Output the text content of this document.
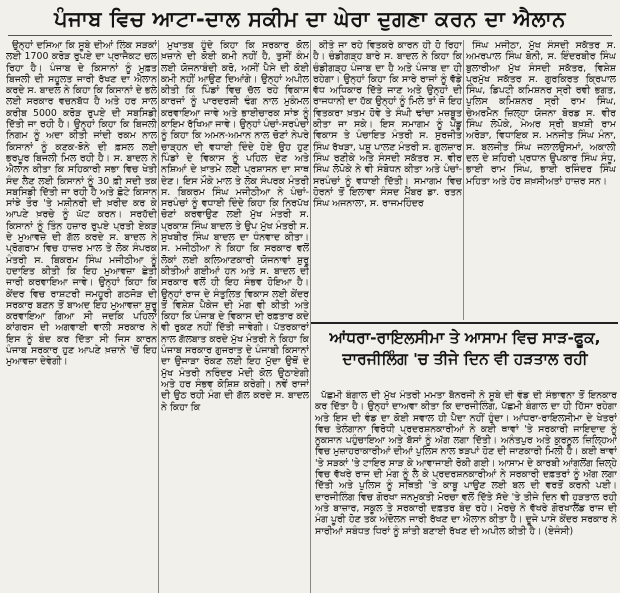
ਪੰਜਾਬ ਵਿਚ ਆਟਾ-ਦਾਲ ਸਕੀਮ ਦਾ ਘੇਰਾ ਦੁਗਣਾ ਕਰਨ ਦਾ ਐਲਾਨ

ਉਨ੍ਹਾਂ ਦਸਿਆ ਕਿ ਸੂਬੇ ਦੀਆਂ ਲਿੰਕ ਸੜਕਾਂ ਲਈ 1700 ਕਰੋੜ ਰੁਪਏ ਦਾ ਪ੍ਰਾਜੈਕਟ ਚਲ ਰਿਹਾ ਹੈ। ਪੰਜਾਬ ਦੇ ਕਿਸਾਨਾਂ ਨੂੰ ਮੁਫ਼ਤ ਬਿਜਲੀ ਦੀ ਸਹੂਲਤ ਜਾਰੀ ਰੱਖਣ ਦਾ ਐਲਾਨ ਕਰਦੇ ਸ. ਬਾਦਲ ਨੇ ਕਿਹਾ ਕਿ ਕਿਸਾਨਾਂ ਦੇ ਭਲੇ ਲਈ ਸਰਕਾਰ ਵਚਨਬੱਧ ਹੈ ਅਤੇ ਹਰ ਸਾਲ ਕਰੀਬ 5000 ਕਰੋੜ ਰੁਪਏ ਦੀ ਸਬਸਿਡੀ ਦਿੱਤੀ ਜਾ ਰਹੀ ਹੈ। ਉਨ੍ਹਾਂ ਕਿਹਾ ਕਿ ਬਿਜਲੀ ਨਿਗਮ ਨੂੰ ਅਦਾ ਕੀਤੀ ਜਾਂਦੀ ਰਕਮ ਨਾਲ ਕਿਸਾਨਾਂ ਨੂੰ ਕਣਕ-ਝੋਨੇ ਦੀ ਫ਼ਸਲ ਲਈ ਭਰਪੂਰ ਬਿਜਲੀ ਮਿਲ ਰਹੀ ਹੈ। ਸ. ਬਾਦਲ ਨੇ ਐਲਾਨ ਕੀਤਾ ਕਿ ਸਹਿਕਾਰੀ ਸਭਾ ਵਿਚ ਖੇਤੀ ਸੰਦ ਲੈਣ ਲਈ ਕਿਸਾਨਾਂ ਨੂੰ 30 ਫ਼ੀ ਸਦੀ ਤਕ ਸਬਸਿਡੀ ਦਿੱਤੀ ਜਾ ਰਹੀ ਹੈ ਅਤੇ ਛੋਟੇ ਕਿਸਾਨ ਸਾਂਝੇ ਤੌਰ 'ਤੇ ਮਸ਼ੀਨਰੀ ਦੀ ਖ਼ਰੀਦ ਕਰ ਕੇ ਆਪਣੇ ਖ਼ਰਚੇ ਨੂੰ ਘੱਟ ਕਰਨ। ਸਰਹੱਦੀ ਕਿਸਾਨਾਂ ਨੂੰ ਤਿੰਨ ਹਜ਼ਾਰ ਰੁਪਏ ਪ੍ਰਤੀ ਏਕੜ ਦੇ ਮੁਆਵਜ਼ੇ ਦੀ ਗੱਲ ਕਰਦੇ ਸ. ਬਾਦਲ ਨੇ ਪ੍ਰੋਗਰਾਮ ਵਿਚ ਹਾਜ਼ਰ ਮਾਲ ਤੇ ਲੋਕ ਸੰਪਰਕ ਮੰਤਰੀ ਸ. ਬਿਕਰਮ ਸਿੰਘ ਮਜੀਠੀਆ ਨੂੰ ਹਦਾਇਤ ਕੀਤੀ ਕਿ ਇਹ ਮੁਆਵਜ਼ਾ ਛੇਤੀ ਜਾਰੀ ਕਰਵਾਇਆ ਜਾਵੇ। ਉਨ੍ਹਾਂ ਕਿਹਾ ਕਿ ਕੇਂਦਰ ਵਿਚ ਰਾਸ਼ਟਰੀ ਜਮਹੂਰੀ ਗਠਜੋੜ ਦੀ ਸਰਕਾਰ ਬਣਨ ਤੋਂ ਬਾਅਦ ਇਹ ਮੁਆਵਜ਼ਾ ਸ਼ੁਰੂ ਕਰਵਾਇਆ ਗਿਆ ਸੀ ਜਦਕਿ ਪਹਿਲਾਂ ਕਾਂਗਰਸ ਦੀ ਅਗਵਾਈ ਵਾਲੀ ਸਰਕਾਰ ਨੇ ਇਸ ਨੂੰ ਬੰਦ ਕਰ ਦਿੱਤਾ ਸੀ ਜਿਸ ਕਾਰਨ ਪੰਜਾਬ ਸਰਕਾਰ ਹੁਣ ਆਪਣੇ ਖ਼ਜ਼ਾਨੇ 'ਚੋਂ ਇਹ ਮੁਆਵਜ਼ਾ ਦੇਵੇਗੀ।

ਮੁਖਾਤਬ ਹੁੰਦੇ ਕਿਹਾ ਕਿ ਸਰਕਾਰ ਕੋਲ ਖ਼ਜ਼ਾਨੇ ਦੀ ਕੋਈ ਕਮੀ ਨਹੀਂ ਹੈ, ਤੁਸੀਂ ਕੰਮ ਲਈ ਯੋਜਨਾਬੰਦੀ ਕਰੋ, ਅਸੀਂ ਪੈਸੇ ਦੀ ਕੋਈ ਕਮੀ ਨਹੀਂ ਆਉਣ ਦਿਆਂਗੇ। ਉਨ੍ਹਾਂ ਅਪੀਲ ਕੀਤੀ ਕਿ ਪਿੰਡਾਂ ਵਿਚ ਚੱਲ ਰਹੇ ਵਿਕਾਸ ਕਾਰਜਾਂ ਨੂੰ ਪਾਰਦਰਸ਼ੀ ਢੰਗ ਨਾਲ ਮੁਕੰਮਲ ਕਰਵਾਇਆ ਜਾਵੇ ਅਤੇ ਭਾਈਚਾਰਕ ਸਾਂਝ ਨੂੰ ਕਾਇਮ ਰੱਖਿਆ ਜਾਵੇ। ਉਨ੍ਹਾਂ ਪੰਚਾਂ-ਸਰਪੰਚਾਂ ਨੂੰ ਕਿਹਾ ਕਿ ਅਮਨ-ਅਮਾਨ ਨਾਲ ਚੋਣਾਂ ਨੇਪਰੇ ਚਾੜ੍ਹਨ ਦੀ ਵਧਾਈ ਦਿੰਦੇ ਹੋਏ ਉਹ ਹੁਣ ਪਿੰਡਾਂ ਦੇ ਵਿਕਾਸ ਨੂੰ ਪਹਿਲ ਦੇਣ ਅਤੇ ਨਸ਼ਿਆਂ ਦੇ ਖ਼ਾਤਮੇ ਲਈ ਪ੍ਰਸ਼ਾਸਨ ਦਾ ਸਾਥ ਦੇਣ। ਇਸ ਮੌਕੇ ਮਾਲ ਤੇ ਲੋਕ ਸੰਪਰਕ ਮੰਤਰੀ ਸ. ਬਿਕਰਮ ਸਿੰਘ ਮਜੀਠੀਆ ਨੇ ਪੰਚਾਂ-ਸਰਪੰਚਾਂ ਨੂੰ ਵਧਾਈ ਦਿੰਦੇ ਕਿਹਾ ਕਿ ਨਿਰਪੱਖ ਚੋਣਾਂ ਕਰਵਾਉਣ ਲਈ ਮੁੱਖ ਮੰਤਰੀ ਸ. ਪ੍ਰਕਾਸ਼ ਸਿੰਘ ਬਾਦਲ ਤੇ ਉਪ ਮੁੱਖ ਮੰਤਰੀ ਸ. ਸੁਖਬੀਰ ਸਿੰਘ ਬਾਦਲ ਦਾ ਧੰਨਵਾਦ ਕੀਤਾ। ਸ. ਮਜੀਠੀਆ ਨੇ ਕਿਹਾ ਕਿ ਸਰਕਾਰ ਵਲੋਂ ਲੋਕਾਂ ਲਈ ਕਲਿਆਣਕਾਰੀ ਯੋਜਨਾਵਾਂ ਸ਼ੁਰੂ ਕੀਤੀਆਂ ਗਈਆਂ ਹਨ ਅਤੇ ਸ. ਬਾਦਲ ਦੀ ਸਰਕਾਰ ਵਲੋਂ ਹੀ ਇਹ ਸੰਭਵ ਹੋਇਆ ਹੈ। ਉਨ੍ਹਾਂ ਰਾਜ ਦੇ ਸੰਤੁਲਿਤ ਵਿਕਾਸ ਲਈ ਕੇਂਦਰ ਤੋਂ ਵਿਸ਼ੇਸ਼ ਪੈਕੇਜ ਦੀ ਮੰਗ ਵੀ ਕੀਤੀ ਅਤੇ ਕਿਹਾ ਕਿ ਪੰਜਾਬ ਦੇ ਵਿਕਾਸ ਦੀ ਰਫ਼ਤਾਰ ਕਦੇ ਵੀ ਰੁਕਣ ਨਹੀਂ ਦਿੱਤੀ ਜਾਵੇਗੀ। ਪੱਤਰਕਾਰਾਂ ਨਾਲ ਗੱਲਬਾਤ ਕਰਦੇ ਮੁੱਖ ਮੰਤਰੀ ਨੇ ਕਿਹਾ ਕਿ ਪੰਜਾਬ ਸਰਕਾਰ ਗੁਜਰਾਤ ਦੇ ਪੰਜਾਬੀ ਕਿਸਾਨਾਂ ਦਾ ਉਜਾੜਾ ਰੋਕਣ ਲਈ ਇਹ ਮੁੱਦਾ ਉਥੋਂ ਦੇ ਮੁੱਖ ਮੰਤਰੀ ਨਰਿੰਦਰ ਮੋਦੀ ਕੋਲ ਉਠਾਏਗੀ ਅਤੇ ਹਰ ਸੰਭਵ ਕੋਸ਼ਿਸ਼ ਕਰੇਗੀ। ਨਵੇਂ ਰਾਜਾਂ ਦੀ ਉਠ ਰਹੀ ਮੰਗ ਦੀ ਗੱਲ ਕਰਦੇ ਸ. ਬਾਦਲ ਨੇ ਕਿਹਾ ਕਿ

ਕੀਤੇ ਜਾ ਰਹੇ ਵਿਤਕਰੇ ਕਾਰਨ ਹੀ ਹੋ ਰਿਹਾ ਹੈ। ਚੰਡੀਗੜ੍ਹ ਬਾਰੇ ਸ. ਬਾਦਲ ਨੇ ਕਿਹਾ ਕਿ ਚੰਡੀਗੜ੍ਹ ਪੰਜਾਬ ਦਾ ਹੈ ਅਤੇ ਪੰਜਾਬ ਦਾ ਹੀ ਰਹੇਗਾ। ਉਨ੍ਹਾਂ ਕਿਹਾ ਕਿ ਸਾਰੇ ਰਾਜਾਂ ਨੂੰ ਵੱਡੇ ਵੱਧ ਅਧਿਕਾਰ ਦਿੱਤੇ ਜਾਣ ਅਤੇ ਉਨ੍ਹਾਂ ਦੀ ਰਾਜਧਾਨੀ ਦਾ ਹੱਕ ਉਨ੍ਹਾਂ ਨੂੰ ਮਿਲੇ ਤਾਂ ਜੋ ਇਹ ਵਿਤਕਰਾ ਖ਼ਤਮ ਹੋਵੇ ਤੇ ਸੰਘੀ ਢਾਂਚਾ ਮਜ਼ਬੂਤ ਕੀਤਾ ਜਾ ਸਕੇ। ਇਸ ਸਮਾਗਮ ਨੂੰ ਪੇਂਡੂ ਵਿਕਾਸ ਤੇ ਪੰਚਾਇਤ ਮੰਤਰੀ ਸ. ਸੁਰਜੀਤ ਸਿੰਘ ਰੱਖੜਾ, ਪਸ਼ੂ ਪਾਲਣ ਮੰਤਰੀ ਸ. ਗੁਲਜ਼ਾਰ ਸਿੰਘ ਰਣੀਕੇ ਅਤੇ ਸੰਸਦੀ ਸਕੱਤਰ ਸ. ਵੀਰ ਸਿੰਘ ਲੋਪੋਕੇ ਨੇ ਵੀ ਸੰਬੋਧਨ ਕੀਤਾ ਅਤੇ ਪੰਚਾਂ-ਸਰਪੰਚਾਂ ਨੂੰ ਵਧਾਈ ਦਿੱਤੀ। ਸਮਾਗਮ ਵਿਚ ਹੋਰਨਾਂ ਤੋਂ ਇਲਾਵਾ ਸੰਸਦ ਮੈਂਬਰ ਡਾ. ਰਤਨ ਸਿੰਘ ਅਜਨਾਲਾ, ਸ. ਰਾਜਮਹਿੰਦਰ

ਸਿੰਘ ਮਜੀਠਾ, ਮੁੱਖ ਸੰਸਦੀ ਸਕੱਤਰ ਸ. ਅਮਰਪਾਲ ਸਿੰਘ ਬੋਨੀ, ਸ. ਇੰਦਰਬੀਰ ਸਿੰਘ ਬੁਲਾਰੀਆ ਮੁੱਖ ਸੰਸਦੀ ਸਕੱਤਰ, ਵਿਸ਼ੇਸ਼ ਪ੍ਰਮੁੱਖ ਸਕੱਤਰ ਸ. ਗੁਰਕਿਰਤ ਕ੍ਰਿਪਾਲ ਸਿੰਘ, ਡਿਪਟੀ ਕਮਿਸ਼ਨਰ ਸ੍ਰੀ ਰਵੀ ਭਗਤ, ਪੁਲਿਸ ਕਮਿਸ਼ਨਰ ਸ੍ਰੀ ਰਾਮ ਸਿੰਘ, ਚੇਅਰਮੈਨ ਜ਼ਿਲ੍ਹਾ ਯੋਜਨਾ ਬੋਰਡ ਸ. ਵੀਰ ਸਿੰਘ ਲੋਪੋਕੇ, ਮੇਅਰ ਸ੍ਰੀ ਬਖ਼ਸ਼ੀ ਰਾਮ ਅਰੋੜਾ, ਵਿਧਾਇਕ ਸ. ਮਨਜੀਤ ਸਿੰਘ ਮੰਨਾ, ਸ. ਬਲਜੀਤ ਸਿੰਘ ਜਲਾਲਉਸਮਾਂ, ਅਕਾਲੀ ਦਲ ਦੇ ਸ਼ਹਿਰੀ ਪ੍ਰਧਾਨ ਉਪਕਾਰ ਸਿੰਘ ਸੰਧੂ, ਭਾਈ ਰਾਮ ਸਿੰਘ, ਭਾਈ ਰਜਿੰਦਰ ਸਿੰਘ ਮਹਿਤਾ ਅਤੇ ਹੋਰ ਸ਼ਖ਼ਸੀਅਤਾਂ ਹਾਜ਼ਰ ਸਨ।

ਆਂਧਰਾ-ਰਾਇਲਸੀਮਾ ਤੇ ਆਸਾਮ ਵਿਚ ਸਾੜ-ਫੂਕ,
ਦਾਰਜੀਲਿੰਗ 'ਚ ਤੀਜੇ ਦਿਨ ਵੀ ਹੜਤਾਲ ਰਹੀ

ਪੱਛਮੀ ਬੰਗਾਲ ਦੀ ਮੁੱਖ ਮੰਤਰੀ ਮਮਤਾ ਬੈਨਰਜੀ ਨੇ ਸੂਬੇ ਦੀ ਵੰਡ ਦੀ ਸੰਭਾਵਨਾ ਤੋਂ ਇਨਕਾਰ ਕਰ ਦਿੱਤਾ ਹੈ। ਉਨ੍ਹਾਂ ਦਾਅਵਾ ਕੀਤਾ ਕਿ ਦਾਰਜੀਲਿੰਗ, ਪੱਛਮੀ ਬੰਗਾਲ ਦਾ ਹੀ ਹਿੱਸਾ ਰਹੇਗਾ ਅਤੇ ਇਸ ਦੀ ਵੰਡ ਦਾ ਕੋਈ ਸਵਾਲ ਹੀ ਪੈਦਾ ਨਹੀਂ ਹੁੰਦਾ। ਆਂਧਰਾ-ਰਾਇਲਸੀਮਾ ਦੇ ਖੇਤਰਾਂ ਵਿਚ ਤੇਲੰਗਾਨਾ ਵਿਰੋਧੀ ਪ੍ਰਦਰਸ਼ਨਕਾਰੀਆਂ ਨੇ ਕਈ ਥਾਵਾਂ 'ਤੇ ਸਰਕਾਰੀ ਜਾਇਦਾਦ ਨੂੰ ਨੁਕਸਾਨ ਪਹੁੰਚਾਇਆ ਅਤੇ ਬੱਸਾਂ ਨੂੰ ਅੱਗ ਲਗਾ ਦਿੱਤੀ। ਅਨੰਤਪੁਰ ਅਤੇ ਕੁਰਨੂਲ ਜ਼ਿਲ੍ਹਿਆਂ ਵਿਚ ਮੁਜ਼ਾਹਰਾਕਾਰੀਆਂ ਦੀਆਂ ਪੁਲਿਸ ਨਾਲ ਝੜਪਾਂ ਹੋਣ ਦੀ ਜਾਣਕਾਰੀ ਮਿਲੀ ਹੈ। ਕਈ ਥਾਵਾਂ 'ਤੇ ਸੜਕਾਂ 'ਤੇ ਟਾਇਰ ਸਾੜ ਕੇ ਆਵਾਜਾਈ ਰੋਕੀ ਗਈ। ਆਸਾਮ ਦੇ ਕਾਰਬੀ ਆਂਗਲੋਂਗ ਜ਼ਿਲ੍ਹੇ ਵਿਚ ਵੱਖਰੇ ਰਾਜ ਦੀ ਮੰਗ ਨੂੰ ਲੈ ਕੇ ਪ੍ਰਦਰਸ਼ਨਕਾਰੀਆਂ ਨੇ ਸਰਕਾਰੀ ਦਫ਼ਤਰਾਂ ਨੂੰ ਅੱਗ ਲਗਾ ਦਿੱਤੀ ਅਤੇ ਪੁਲਿਸ ਨੂੰ ਸਥਿਤੀ 'ਤੇ ਕਾਬੂ ਪਾਉਣ ਲਈ ਬਲ ਦੀ ਵਰਤੋਂ ਕਰਨੀ ਪਈ। ਦਾਰਜੀਲਿੰਗ ਵਿਚ ਗੋਰਖਾ ਜਨਮੁਕਤੀ ਮੋਰਚਾ ਵਲੋਂ ਦਿੱਤੇ ਸੱਦੇ 'ਤੇ ਤੀਜੇ ਦਿਨ ਵੀ ਹੜਤਾਲ ਰਹੀ ਅਤੇ ਬਾਜ਼ਾਰ, ਸਕੂਲ ਤੇ ਸਰਕਾਰੀ ਦਫ਼ਤਰ ਬੰਦ ਰਹੇ। ਮੋਰਚੇ ਨੇ ਵੱਖਰੇ ਗੋਰਖਾਲੈਂਡ ਰਾਜ ਦੀ ਮੰਗ ਪੂਰੀ ਹੋਣ ਤਕ ਅੰਦੋਲਨ ਜਾਰੀ ਰੱਖਣ ਦਾ ਐਲਾਨ ਕੀਤਾ ਹੈ। ਦੂਜੇ ਪਾਸੇ ਕੇਂਦਰ ਸਰਕਾਰ ਨੇ ਸਾਰੀਆਂ ਸਬੰਧਤ ਧਿਰਾਂ ਨੂੰ ਸ਼ਾਂਤੀ ਬਣਾਈ ਰੱਖਣ ਦੀ ਅਪੀਲ ਕੀਤੀ ਹੈ। (ਏਜੰਸੀ)
